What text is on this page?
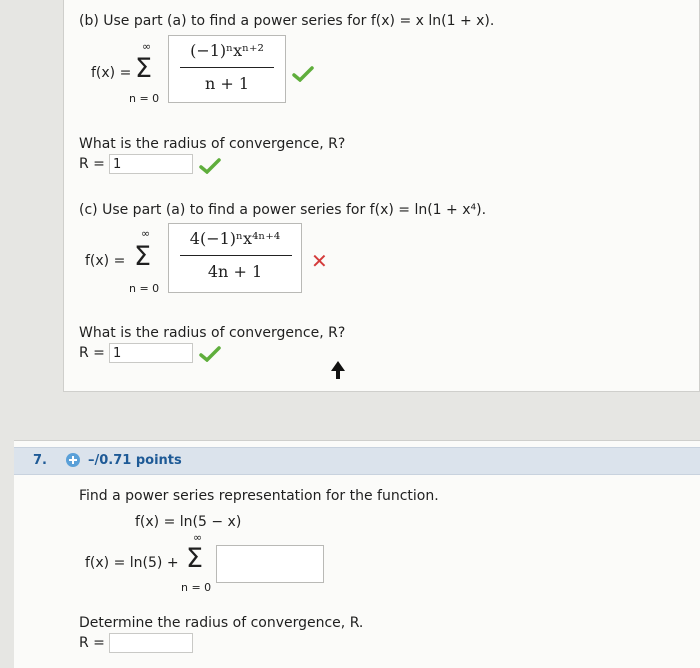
(b) Use part (a) to find a power series for f(x) = x ln(1 + x).
f(x) =
∞
Σ
n = 0
(−1)ⁿxⁿ⁺²
n + 1
What is the radius of convergence, R?
R = 1
(c) Use part (a) to find a power series for f(x) = ln(1 + x⁴).
f(x) =
∞
Σ
n = 0
4(−1)ⁿx⁴ⁿ⁺⁴
4n + 1	✕
What is the radius of convergence, R?
R = 1
7.	–/0.71 points
Find a power series representation for the function.
f(x) = ln(5 − x)
f(x) = ln(5) +
∞
Σ
n = 0
Determine the radius of convergence, R.
R =
